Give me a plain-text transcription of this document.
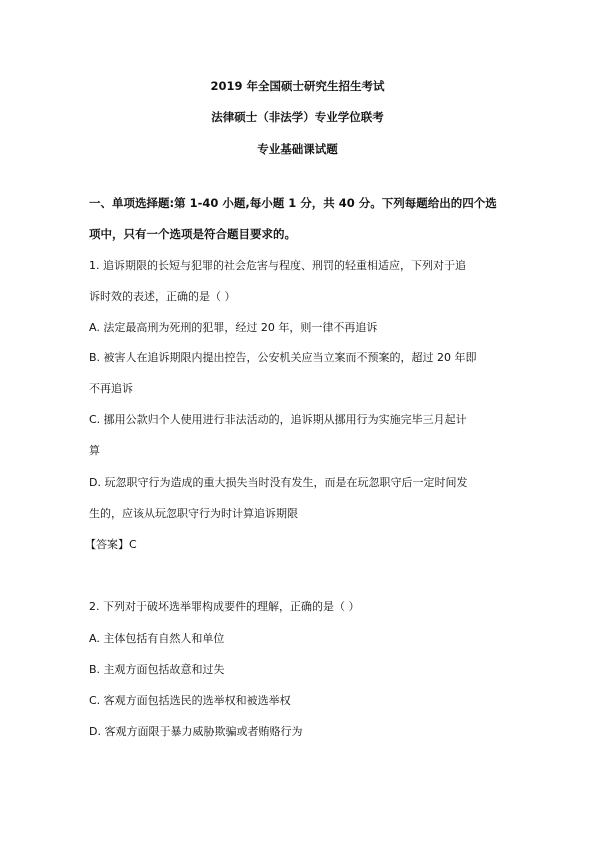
2019 年全国硕士研究生招生考试
法律硕士（非法学）专业学位联考
专业基础课试题
一、单项选择题:第 1-40 小题,每小题 1 分，共 40 分。下列每题给出的四个选
项中，只有一个选项是符合题目要求的。
1. 追诉期限的长短与犯罪的社会危害与程度、刑罚的轻重相适应，下列对于追
诉时效的表述，正确的是（ ）
A. 法定最高刑为死刑的犯罪，经过 20 年，则一律不再追诉
B. 被害人在追诉期限内提出控告，公安机关应当立案而不预案的，超过 20 年即
不再追诉
C. 挪用公款归个人使用进行非法活动的，追诉期从挪用行为实施完毕三月起计
算
D. 玩忽职守行为造成的重大损失当时没有发生，而是在玩忽职守后一定时间发
生的，应该从玩忽职守行为时计算追诉期限
【答案】C
2. 下列对于破坏选举罪构成要件的理解，正确的是（ ）
A. 主体包括有自然人和单位
B. 主观方面包括故意和过失
C. 客观方面包括选民的选举权和被选举权
D. 客观方面限于暴力威胁欺骗或者贿赂行为
